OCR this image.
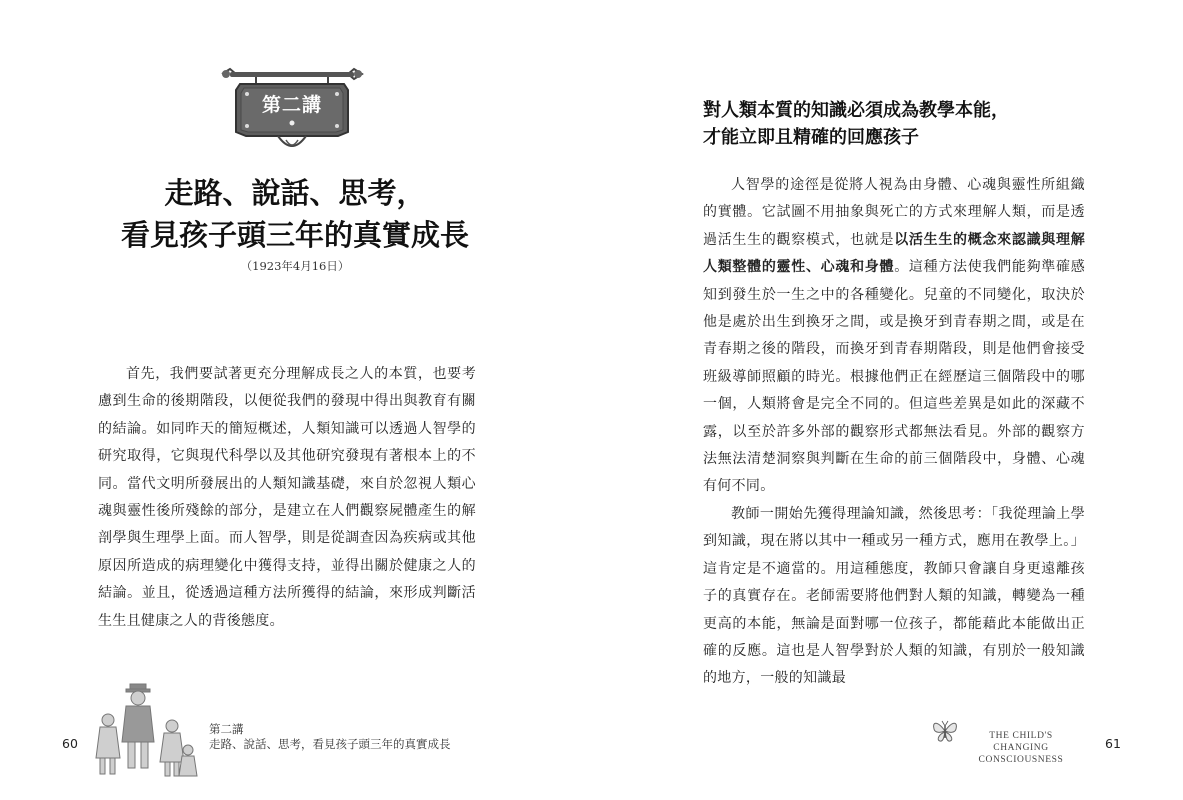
第二講
走路、說話、思考，
看見孩子頭三年的真實成長
（1923年4月16日）

首先，我們要試著更充分理解成長之人的本質，也要考慮到生命的後期階段，以便從我們的發現中得出與教育有關的結論。如同昨天的簡短概述，人類知識可以透過人智學的研究取得，它與現代科學以及其他研究發現有著根本上的不同。當代文明所發展出的人類知識基礎，來自於忽視人類心魂與靈性後所殘餘的部分，是建立在人們觀察屍體產生的解剖學與生理學上面。而人智學，則是從調查因為疾病或其他原因所造成的病理變化中獲得支持，並得出關於健康之人的結論。並且，從透過這種方法所獲得的結論，來形成判斷活生生且健康之人的背後態度。

60
第二講
走路、說話、思考，看見孩子頭三年的真實成長
對人類本質的知識必須成為教學本能，
才能立即且精確的回應孩子

人智學的途徑是從將人視為由身體、心魂與靈性所組織的實體。它試圖不用抽象與死亡的方式來理解人類，而是透過活生生的觀察模式，也就是以活生生的概念來認識與理解人類整體的靈性、心魂和身體。這種方法使我們能夠準確感知到發生於一生之中的各種變化。兒童的不同變化，取決於他是處於出生到換牙之間，或是換牙到青春期之間，或是在青春期之後的階段，而換牙到青春期階段，則是他們會接受班級導師照顧的時光。根據他們正在經歷這三個階段中的哪一個，人類將會是完全不同的。但這些差異是如此的深藏不露，以至於許多外部的觀察形式都無法看見。外部的觀察方法無法清楚洞察與判斷在生命的前三個階段中，身體、心魂有何不同。

教師一開始先獲得理論知識，然後思考：「我從理論上學到知識，現在將以其中一種或另一種方式，應用在教學上。」這肯定是不適當的。用這種態度，教師只會讓自身更遠離孩子的真實存在。老師需要將他們對人類的知識，轉變為一種更高的本能，無論是面對哪一位孩子，都能藉此本能做出正確的反應。這也是人智學對於人類的知識，有別於一般知識的地方，一般的知識最

THE CHILD'S CHANGING
CONSCIOUSNESS
61
